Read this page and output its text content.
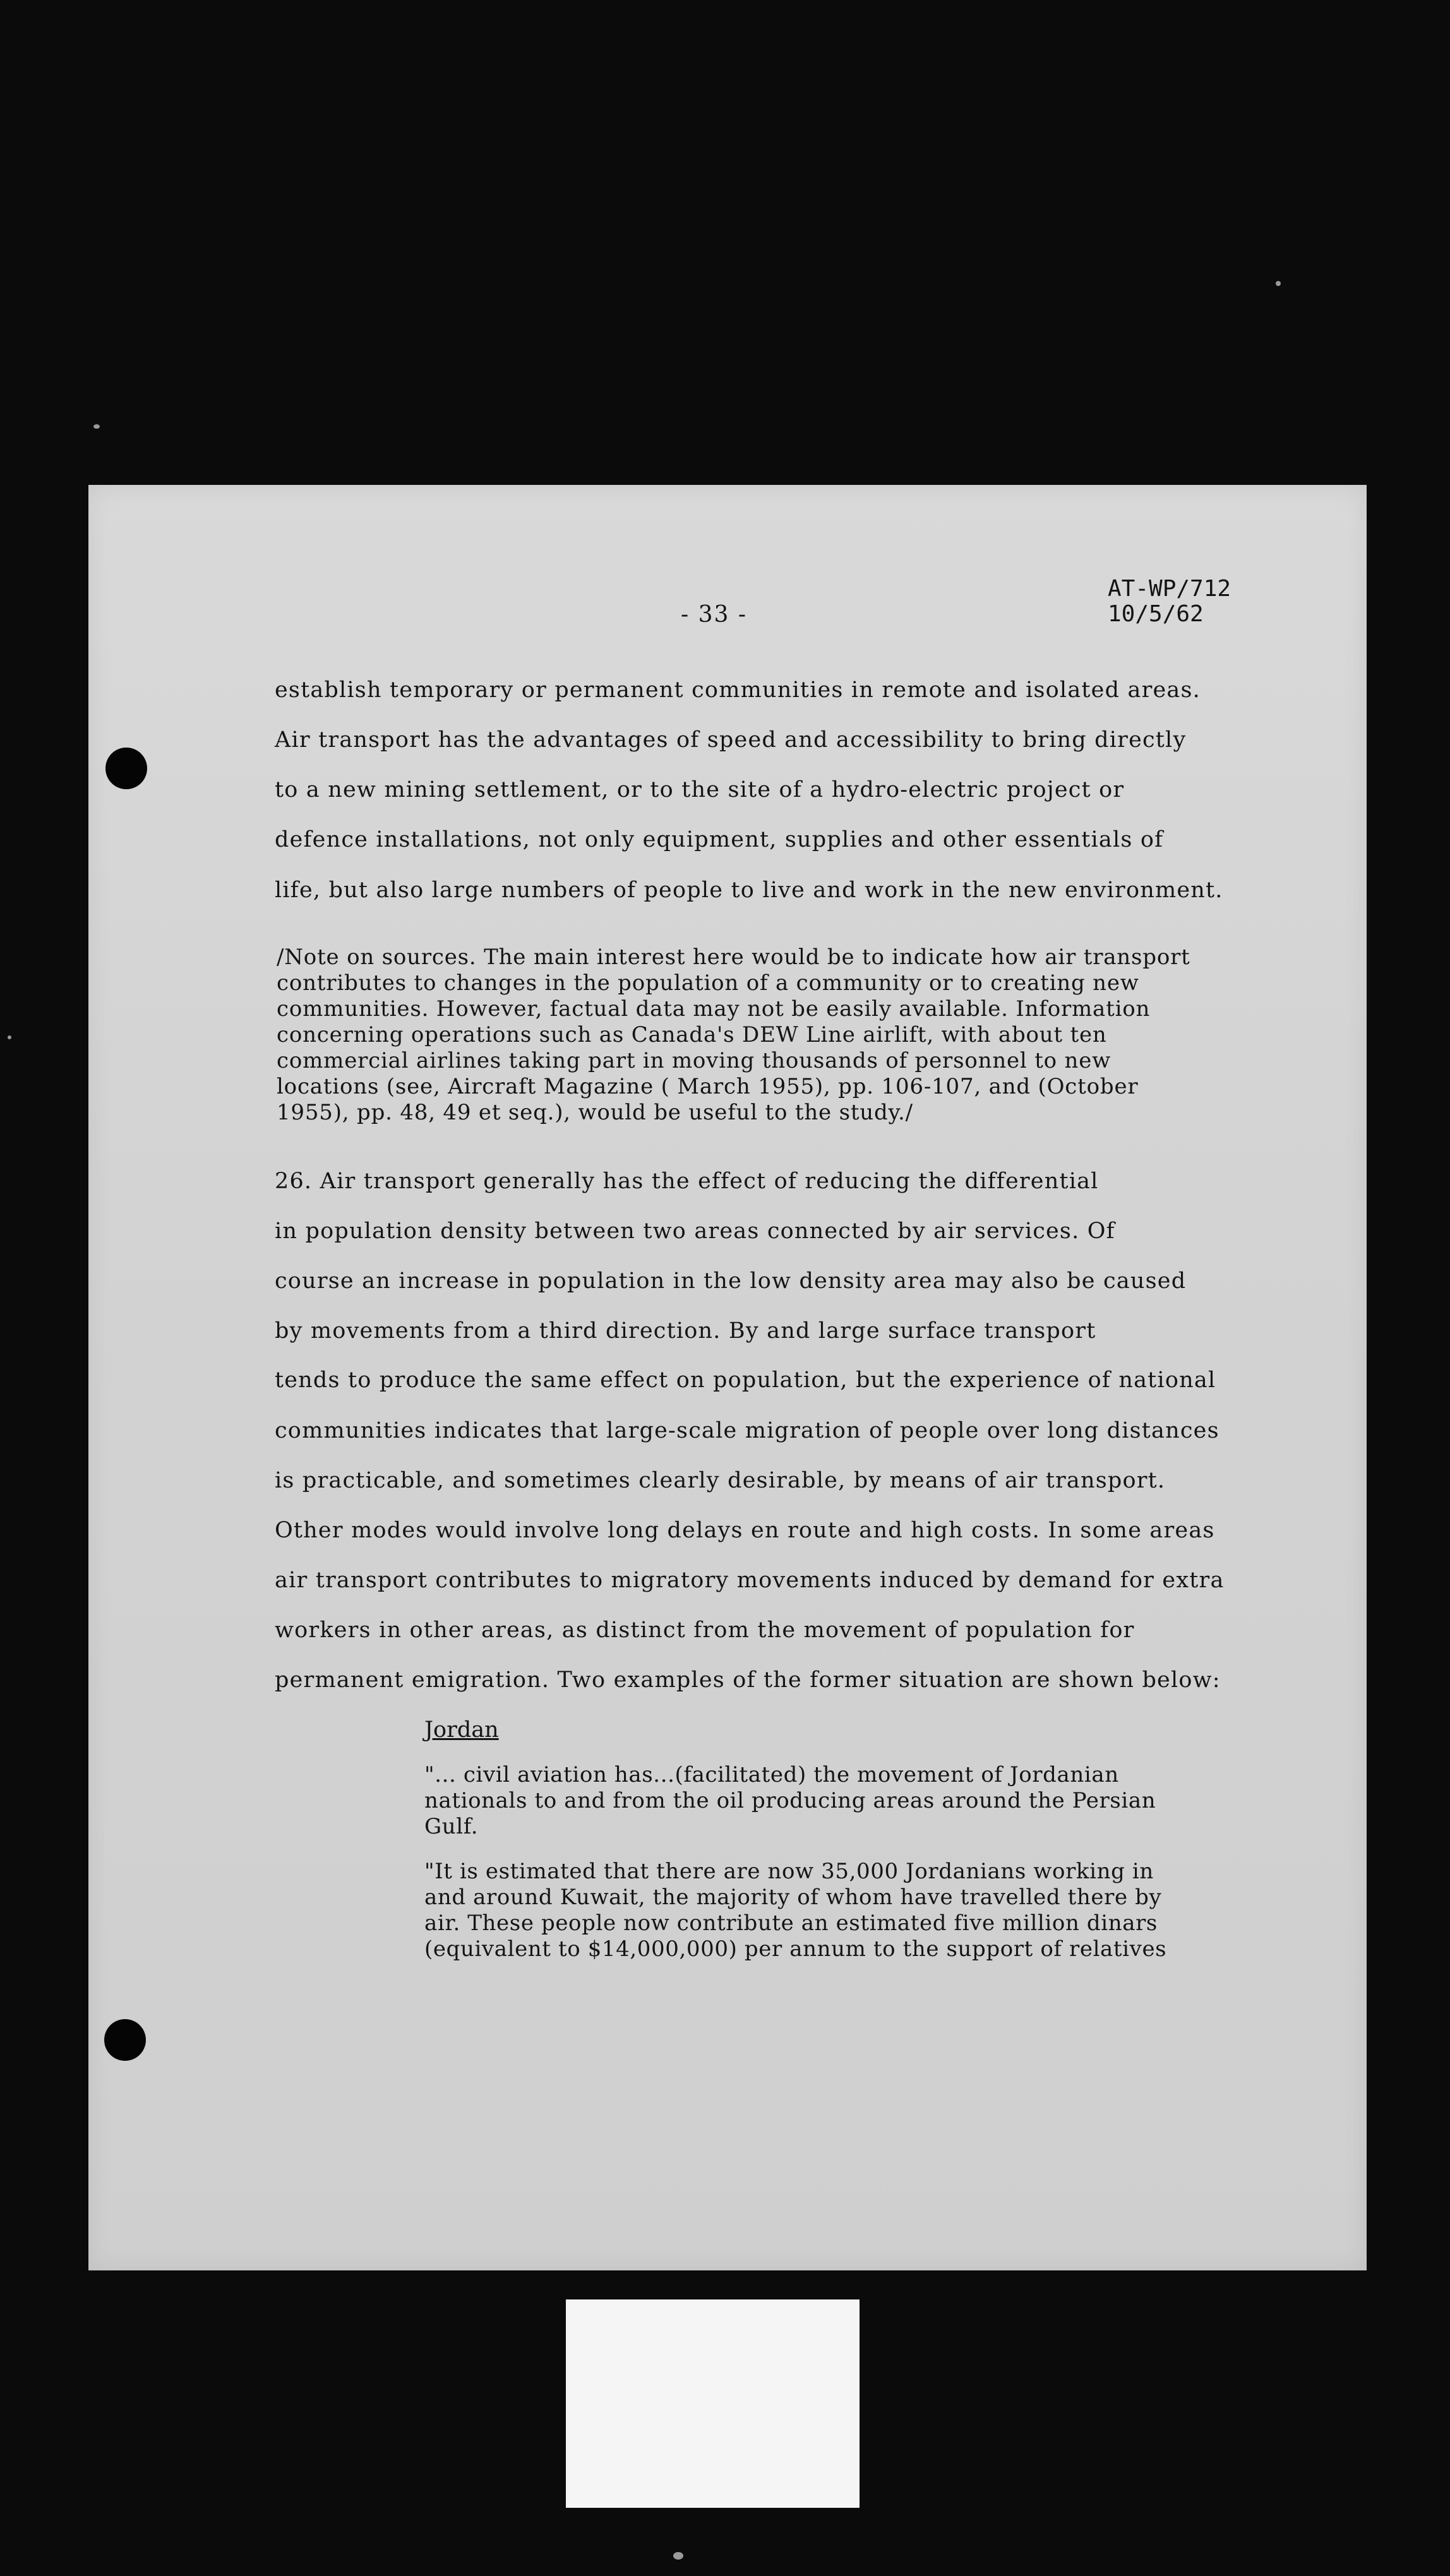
- 33 -
AT-WP/712
10/5/62
establish temporary or permanent communities in remote and isolated areas.
Air transport has the advantages of speed and accessibility to bring directly
to a new mining settlement, or to the site of a hydro-electric project or
defence installations, not only equipment, supplies and other essentials of
life, but also large numbers of people to live and work in the new environment.
/Note on sources. The main interest here would be to indicate how air transport
contributes to changes in the population of a community or to creating new
communities. However, factual data may not be easily available. Information
concerning operations such as Canada's DEW Line airlift, with about ten
commercial airlines taking part in moving thousands of personnel to new
locations (see, Aircraft Magazine ( March 1955), pp. 106-107, and (October
1955), pp. 48, 49 et seq.), would be useful to the study./
26. Air transport generally has the effect of reducing the differential
in population density between two areas connected by air services. Of
course an increase in population in the low density area may also be caused
by movements from a third direction. By and large surface transport
tends to produce the same effect on population, but the experience of national
communities indicates that large-scale migration of people over long distances
is practicable, and sometimes clearly desirable, by means of air transport.
Other modes would involve long delays en route and high costs. In some areas
air transport contributes to migratory movements induced by demand for extra
workers in other areas, as distinct from the movement of population for
permanent emigration. Two examples of the former situation are shown below:
Jordan
"... civil aviation has...(facilitated) the movement of Jordanian
nationals to and from the oil producing areas around the Persian
Gulf.
"It is estimated that there are now 35,000 Jordanians working in
and around Kuwait, the majority of whom have travelled there by
air. These people now contribute an estimated five million dinars
(equivalent to $14,000,000) per annum to the support of relatives
